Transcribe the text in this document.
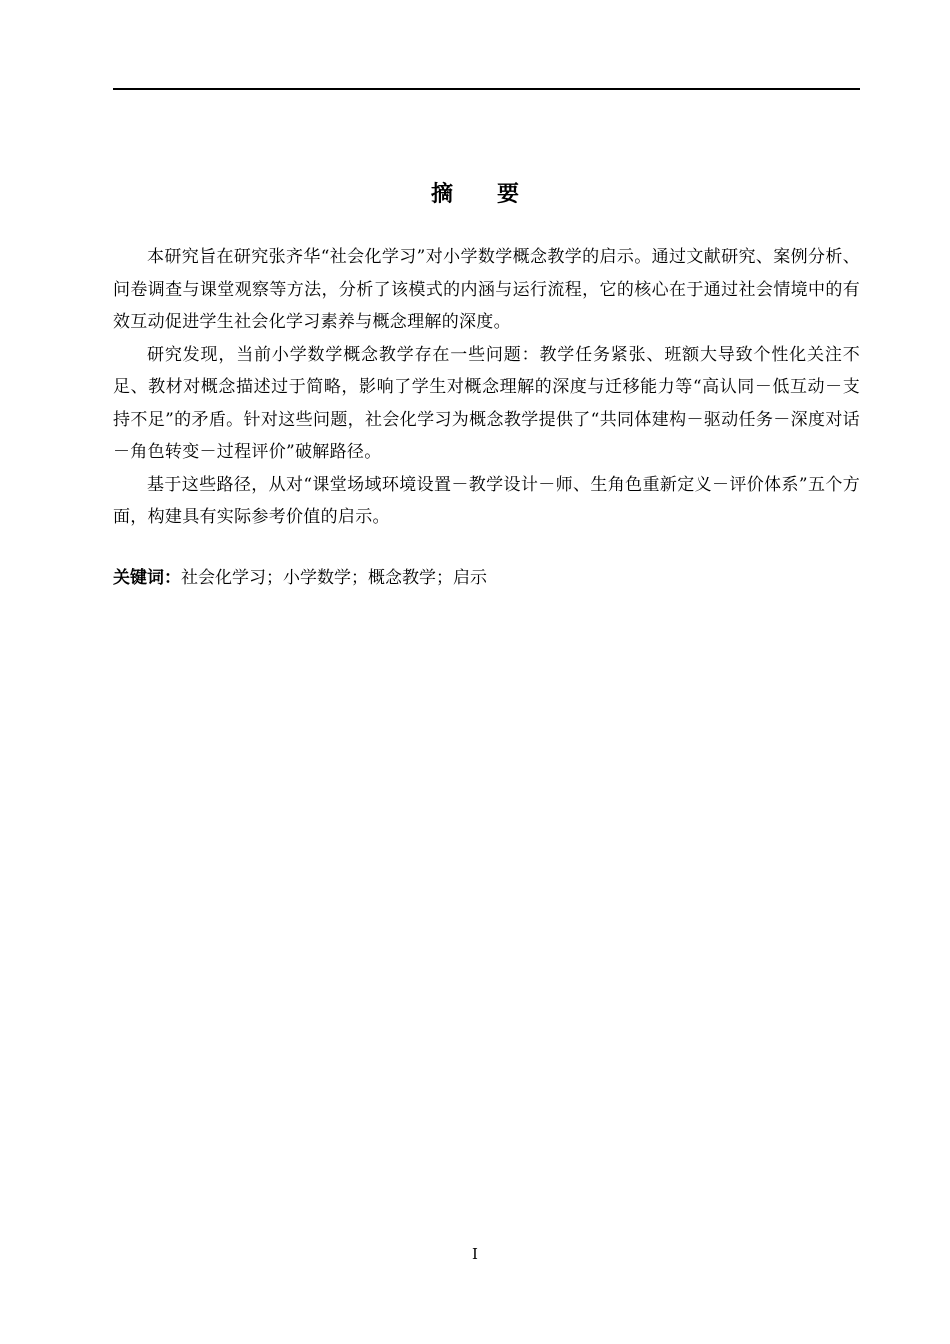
摘 要

本研究旨在研究张齐华“社会化学习”对小学数学概念教学的启示。通过文献研究、案例分析、问卷调查与课堂观察等方法，分析了该模式的内涵与运行流程，它的核心在于通过社会情境中的有效互动促进学生社会化学习素养与概念理解的深度。

研究发现，当前小学数学概念教学存在一些问题：教学任务紧张、班额大导致个性化关注不足、教材对概念描述过于简略，影响了学生对概念理解的深度与迁移能力等“高认同－低互动－支持不足”的矛盾。针对这些问题，社会化学习为概念教学提供了“共同体建构－驱动任务－深度对话－角色转变－过程评价”破解路径。

基于这些路径，从对“课堂场域环境设置－教学设计－师、生角色重新定义－评价体系”五个方面，构建具有实际参考价值的启示。

关键词：社会化学习；小学数学；概念教学；启示
I
